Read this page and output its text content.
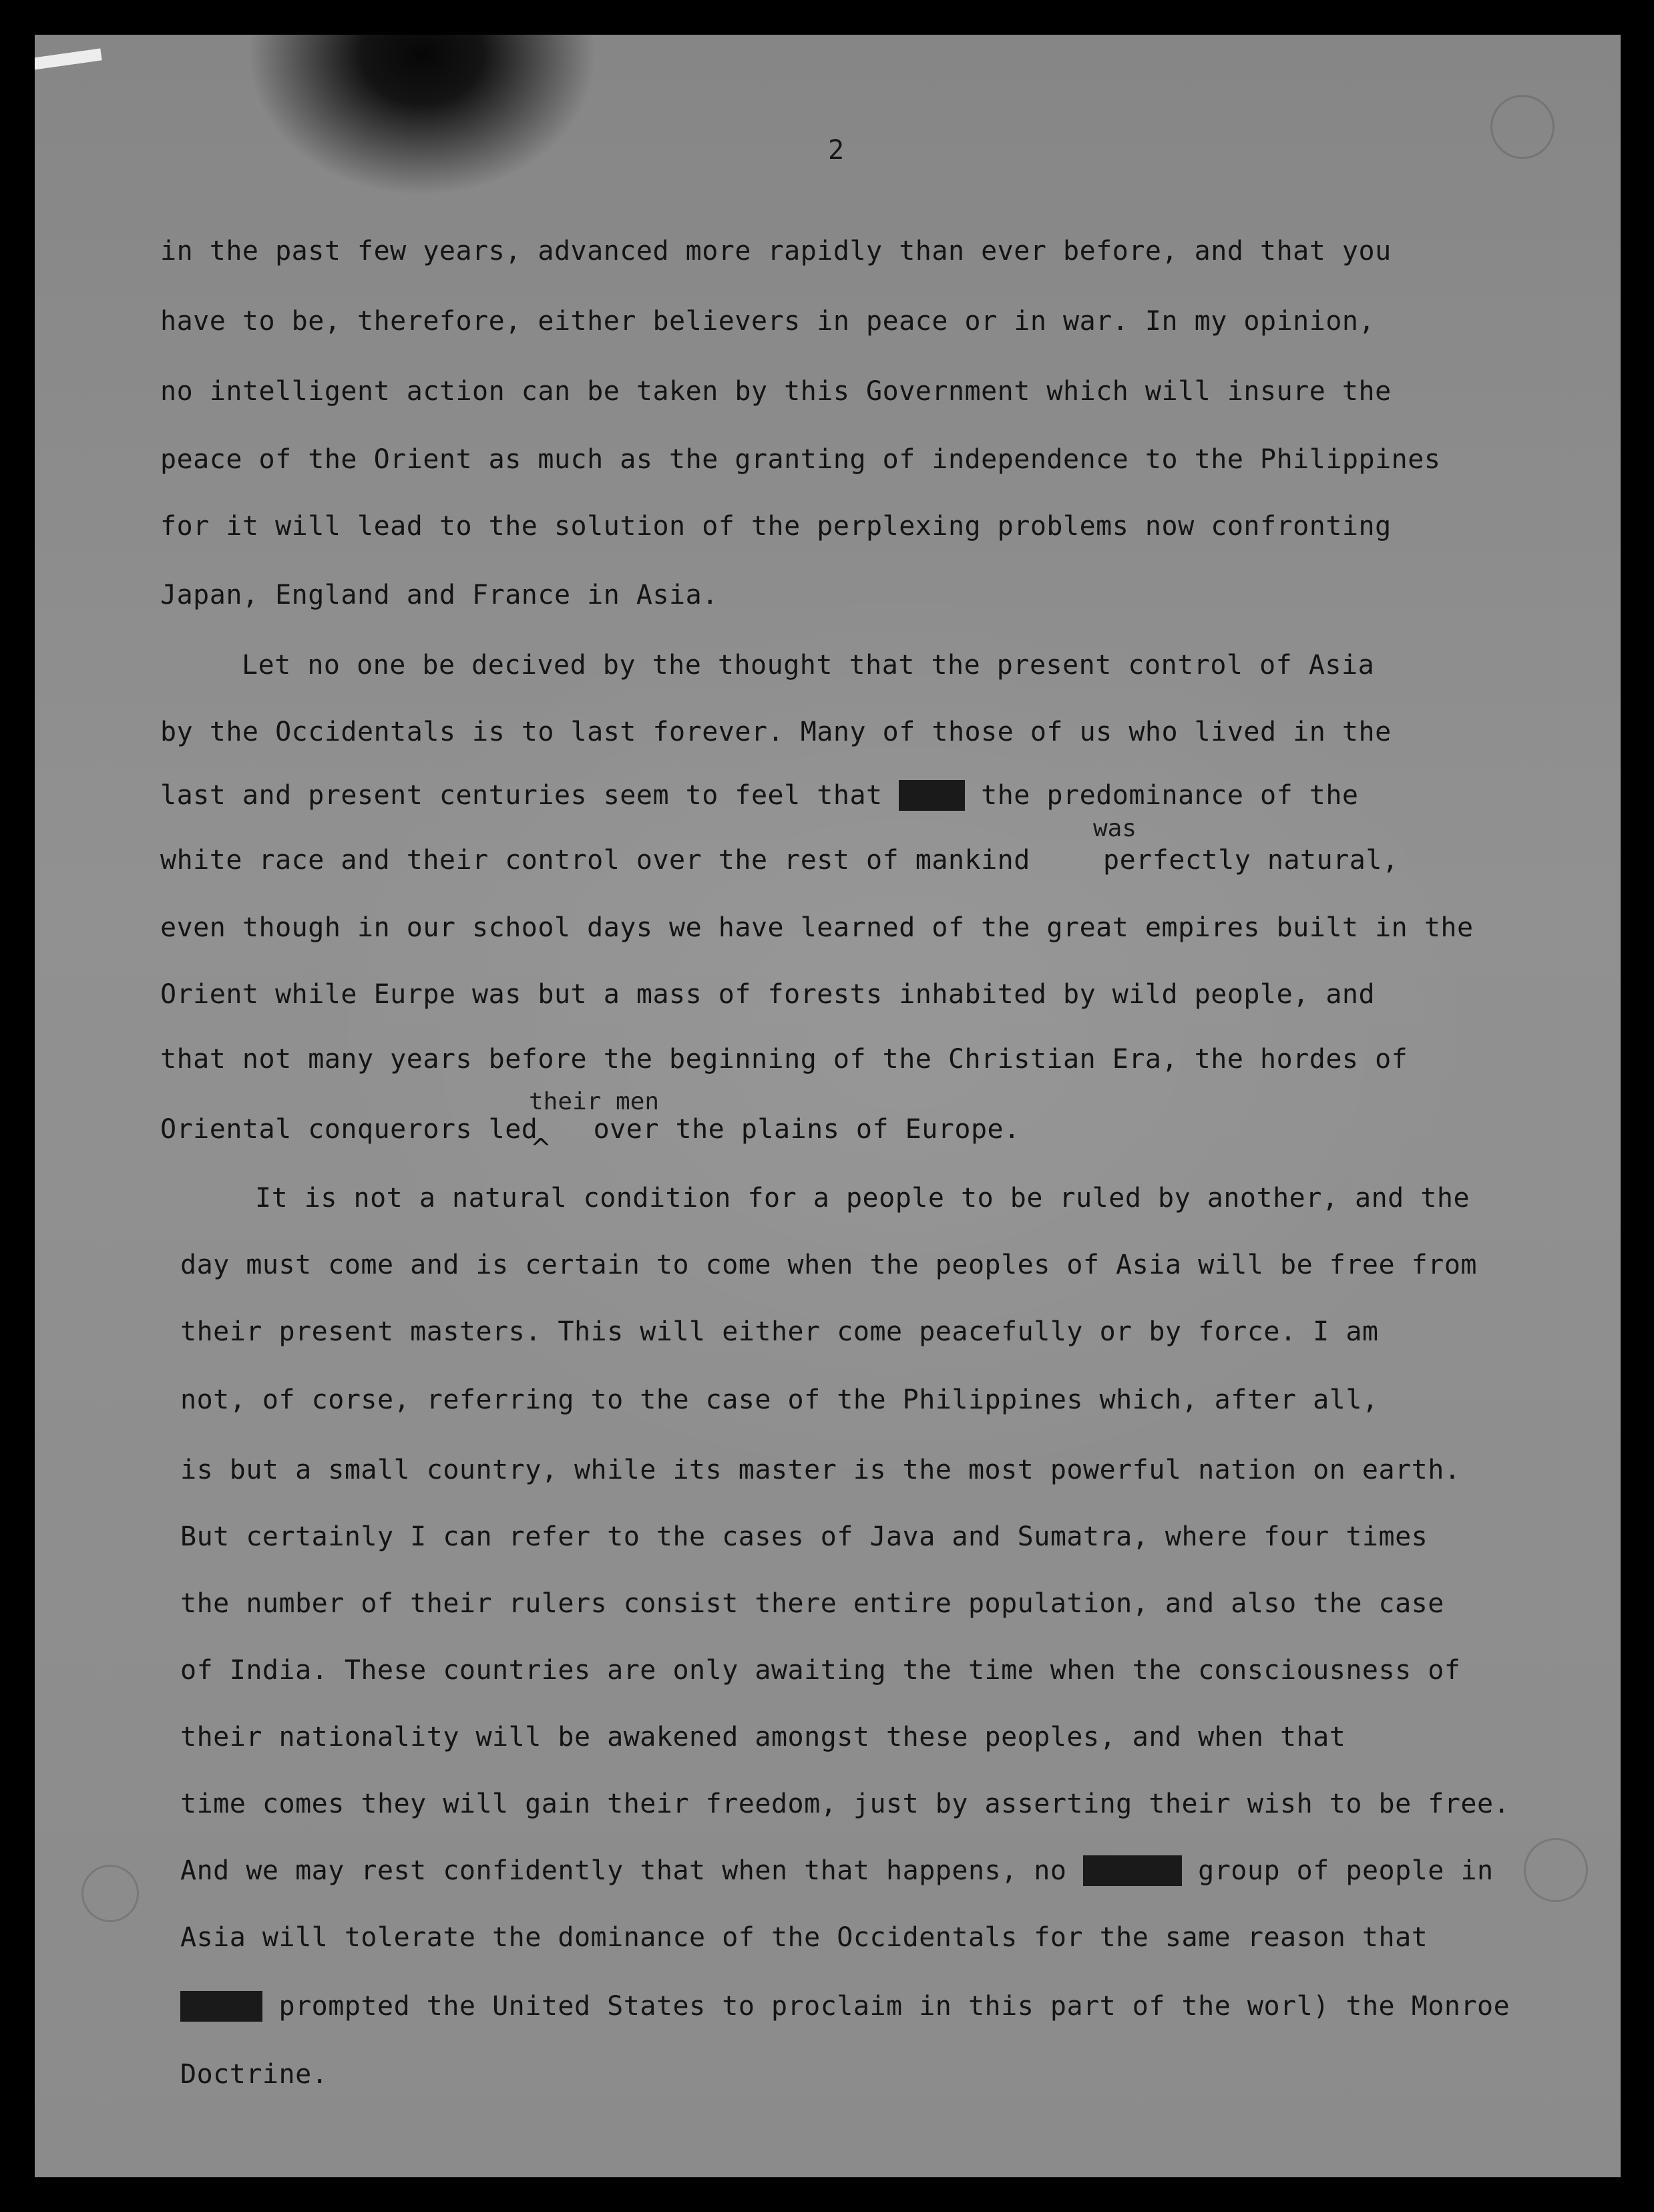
2
in the past few years, advanced more rapidly than ever before, and that you
have to be, therefore, either believers in peace or in war. In my opinion,
no intelligent action can be taken by this Government which will insure the
peace of the Orient as much as the granting of independence to the Philippines
for it will lead to the solution of the perplexing problems now confronting
Japan, England and France in Asia.
Let no one be decived by the thought that the present control of Asia
by the Occidentals is to last forever. Many of those of us who lived in the
last and present centuries seem to feel that that the predominance of the
was
white race and their control over the rest of mankind	perfectly natural,
even though in our school days we have learned of the great empires built in the
Orient while Eurpe was but a mass of forests inhabited by wild people, and
that not many years before the beginning of the Christian Era, the hordes of
their men
Oriental conquerors led over the plains of Europe.
^
It is not a natural condition for a people to be ruled by another, and the
day must come and is certain to come when the peoples of Asia will be free from
their present masters. This will either come peacefully or by force. I am
not, of corse, referring to the case of the Philippines which, after all,
is but a small country, while its master is the most powerful nation on earth.
But certainly I can refer to the cases of Java and Sumatra, where four times
the number of their rulers consist there entire population, and also the case
of India. These countries are only awaiting the time when the consciousness of
their nationality will be awakened amongst these peoples, and when that
time comes they will gain their freedom, just by asserting their wish to be free.
And we may rest confidently that when that happens, no people group of people in
Asia will tolerate the dominance of the Occidentals for the same reason that
thaxM prompted the United States to proclaim in this part of the worl) the Monroe
Doctrine.
